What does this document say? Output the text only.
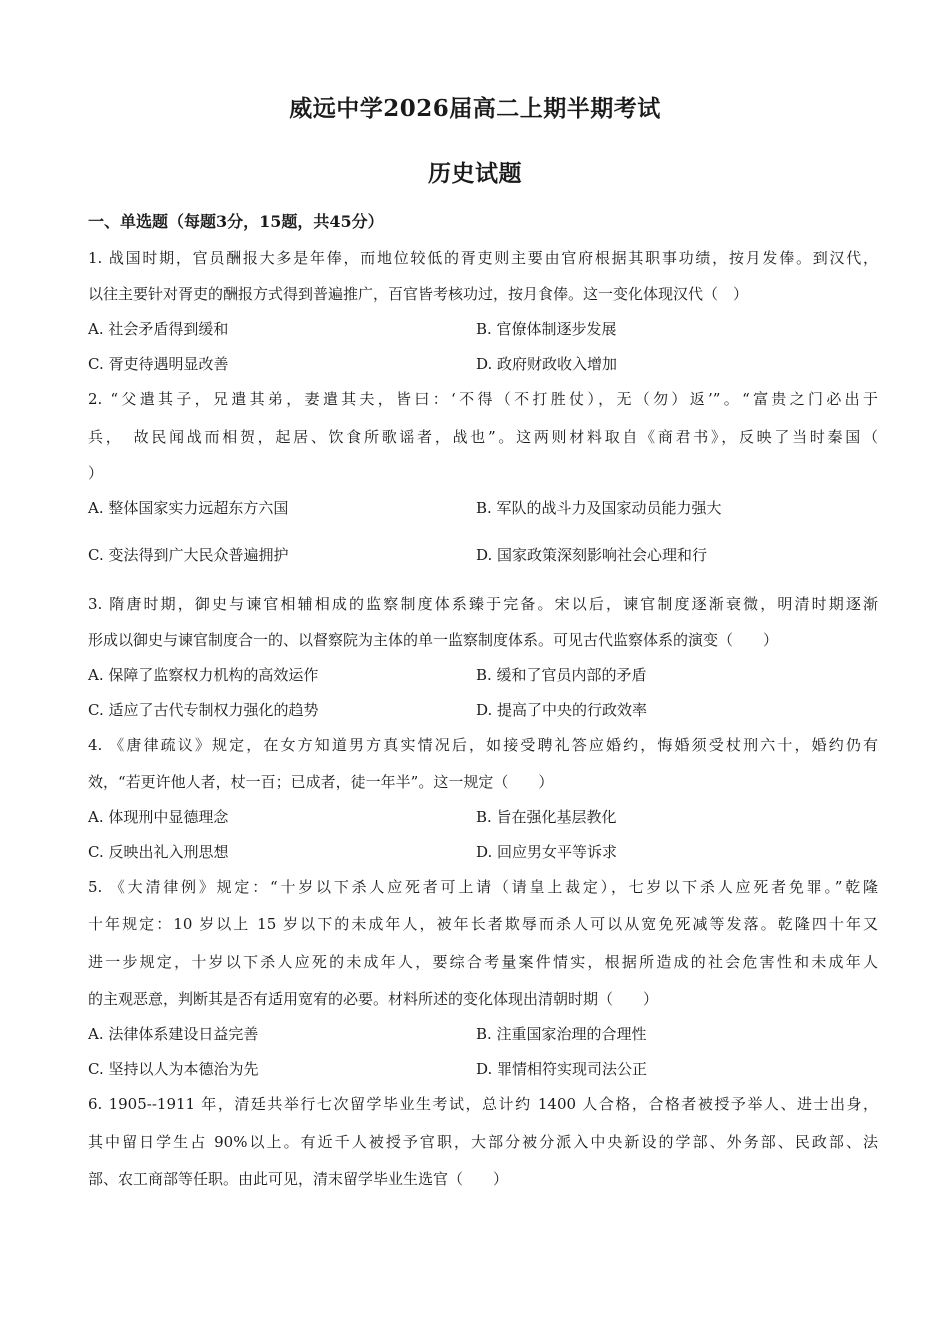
威远中学2026届高二上期半期考试
历史试题
一、单选题（每题3分，15题，共45分）
1. 战国时期，官员酬报大多是年俸，而地位较低的胥吏则主要由官府根据其职事功绩，按月发俸。到汉代，
以往主要针对胥吏的酬报方式得到普遍推广，百官皆考核功过，按月食俸。这一变化体现汉代（　）
A. 社会矛盾得到缓和	B. 官僚体制逐步发展
C. 胥吏待遇明显改善	D. 政府财政收入增加
2. “父遣其子，兄遣其弟，妻遣其夫，皆曰：‘不得（不打胜仗），无（勿）返’”。“富贵之门必出于
兵，　故民闻战而相贺，起居、饮食所歌谣者，战也”。这两则材料取自《商君书》，反映了当时秦国（
）
A. 整体国家实力远超东方六国	B. 军队的战斗力及国家动员能力强大
C. 变法得到广大民众普遍拥护	D. 国家政策深刻影响社会心理和行
3. 隋唐时期，御史与谏官相辅相成的监察制度体系臻于完备。宋以后，谏官制度逐渐衰微，明清时期逐渐
形成以御史与谏官制度合一的、以督察院为主体的单一监察制度体系。可见古代监察体系的演变（　　）
A. 保障了监察权力机构的高效运作	B. 缓和了官员内部的矛盾
C. 适应了古代专制权力强化的趋势	D. 提高了中央的行政效率
4. 《唐律疏议》规定，在女方知道男方真实情况后，如接受聘礼答应婚约，悔婚须受杖刑六十，婚约仍有
效，“若更许他人者，杖一百；已成者，徒一年半”。这一规定（　　）
A. 体现刑中显德理念	B. 旨在强化基层教化
C. 反映出礼入刑思想	D. 回应男女平等诉求
5. 《大清律例》规定：“十岁以下杀人应死者可上请（请皇上裁定），七岁以下杀人应死者免罪。”乾隆
十年规定：10 岁以上 15 岁以下的未成年人，被年长者欺辱而杀人可以从宽免死减等发落。乾隆四十年又
进一步规定，十岁以下杀人应死的未成年人，要综合考量案件情实，根据所造成的社会危害性和未成年人
的主观恶意，判断其是否有适用宽宥的必要。材料所述的变化体现出清朝时期（　　）
A. 法律体系建设日益完善	B. 注重国家治理的合理性
C. 坚持以人为本德治为先	D. 罪情相符实现司法公正
6. 1905--1911 年，清廷共举行七次留学毕业生考试，总计约 1400 人合格，合格者被授予举人、进士出身，
其中留日学生占 90%以上。有近千人被授予官职，大部分被分派入中央新设的学部、外务部、民政部、法
部、农工商部等任职。由此可见，清末留学毕业生选官（　　）
